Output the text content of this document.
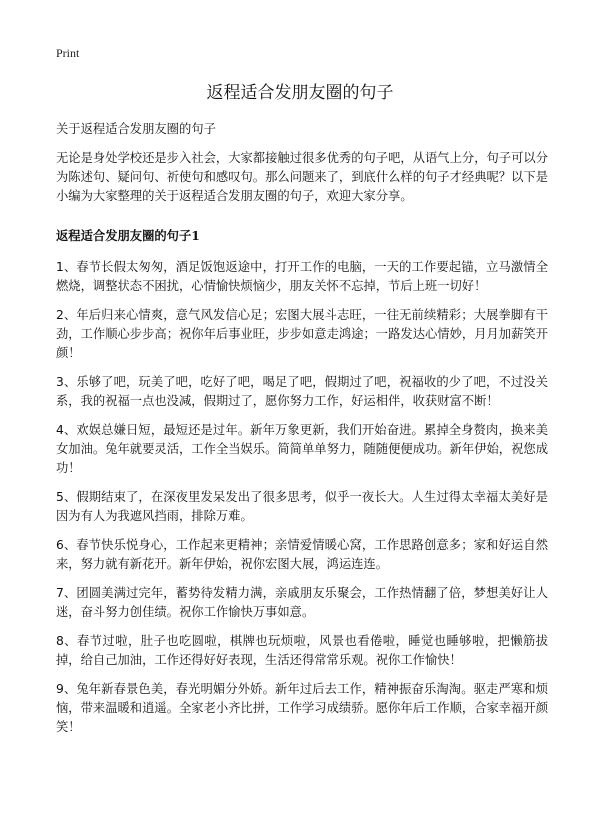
Print
返程适合发朋友圈的句子

关于返程适合发朋友圈的句子

无论是身处学校还是步入社会，大家都接触过很多优秀的句子吧，从语气上分，句子可以分为陈述句、疑问句、祈使句和感叹句。那么问题来了，到底什么样的句子才经典呢？以下是小编为大家整理的关于返程适合发朋友圈的句子，欢迎大家分享。

返程适合发朋友圈的句子1

1、春节长假太匆匆，酒足饭饱返途中，打开工作的电脑，一天的工作要起锚，立马激情全燃烧，调整状态不困扰，心情愉快烦恼少，朋友关怀不忘掉，节后上班一切好！

2、年后归来心情爽，意气风发信心足；宏图大展斗志旺，一往无前续精彩；大展拳脚有干劲，工作顺心步步高；祝你年后事业旺，步步如意走鸿途；一路发达心情妙，月月加薪笑开颜！

3、乐够了吧，玩美了吧，吃好了吧，喝足了吧，假期过了吧，祝福收的少了吧，不过没关系，我的祝福一点也没减，假期过了，愿你努力工作，好运相伴，收获财富不断！

4、欢娱总嫌日短，最短还是过年。新年万象更新，我们开始奋进。累掉全身赘肉，换来美女加油。兔年就要灵活，工作全当娱乐。简简单单努力，随随便便成功。新年伊始，祝您成功！

5、假期结束了，在深夜里发呆发出了很多思考，似乎一夜长大。人生过得太幸福太美好是因为有人为我遮风挡雨，排除万难。

6、春节快乐悦身心，工作起来更精神；亲情爱情暖心窝，工作思路创意多；家和好运自然来，努力就有新花开。新年伊始，祝你宏图大展，鸿运连连。

7、团圆美满过完年，蓄势待发精力满，亲戚朋友乐聚会，工作热情翻了倍，梦想美好让人迷，奋斗努力创佳绩。祝你工作愉快万事如意。

8、春节过啦，肚子也吃圆啦，棋牌也玩烦啦，风景也看倦啦，睡觉也睡够啦，把懒筋拔掉，给自己加油，工作还得好好表现，生活还得常常乐观。祝你工作愉快！

9、兔年新春景色美，春光明媚分外娇。新年过后去工作，精神振奋乐淘淘。驱走严寒和烦恼，带来温暖和逍遥。全家老小齐比拼，工作学习成绩骄。愿你年后工作顺，合家幸福开颜笑！
